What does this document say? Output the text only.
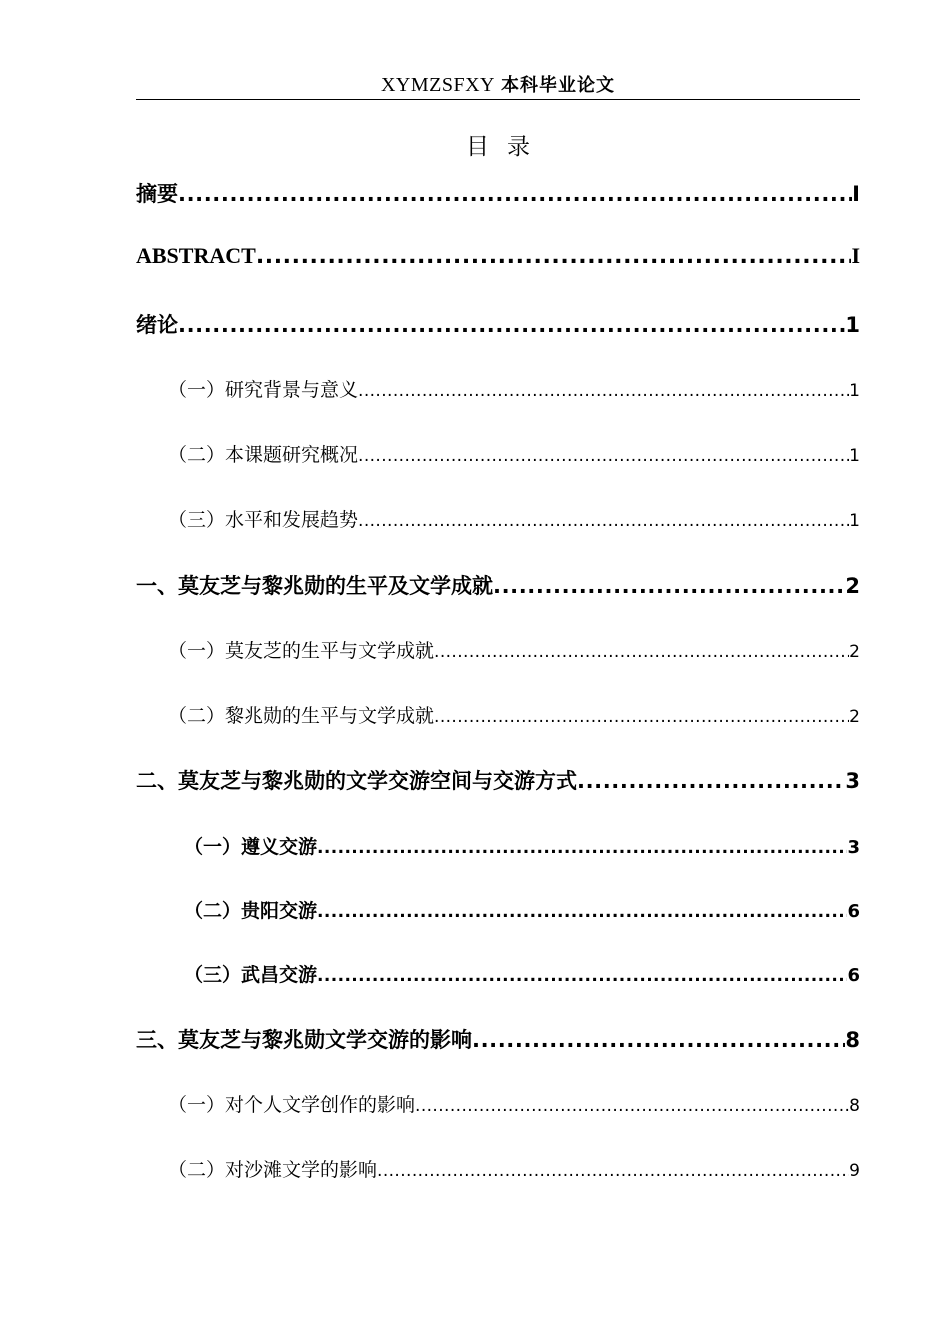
XYMZSFXY 本科毕业论文
目录
摘要 .....	I
ABSTRACT .....	I
绪论 .....	1
（一）研究背景与意义 .....	1
（二）本课题研究概况 .....	1
（三）水平和发展趋势 .....	1
一、莫友芝与黎兆勋的生平及文学成就 .....	2
（一）莫友芝的生平与文学成就 .....	2
（二）黎兆勋的生平与文学成就 .....	2
二、莫友芝与黎兆勋的文学交游空间与交游方式 .....	3
（一）遵义交游 .....	3
（二）贵阳交游 .....	6
（三）武昌交游 .....	6
三、莫友芝与黎兆勋文学交游的影响 .....	8
（一）对个人文学创作的影响 .....	8
（二）对沙滩文学的影响 .....	9
